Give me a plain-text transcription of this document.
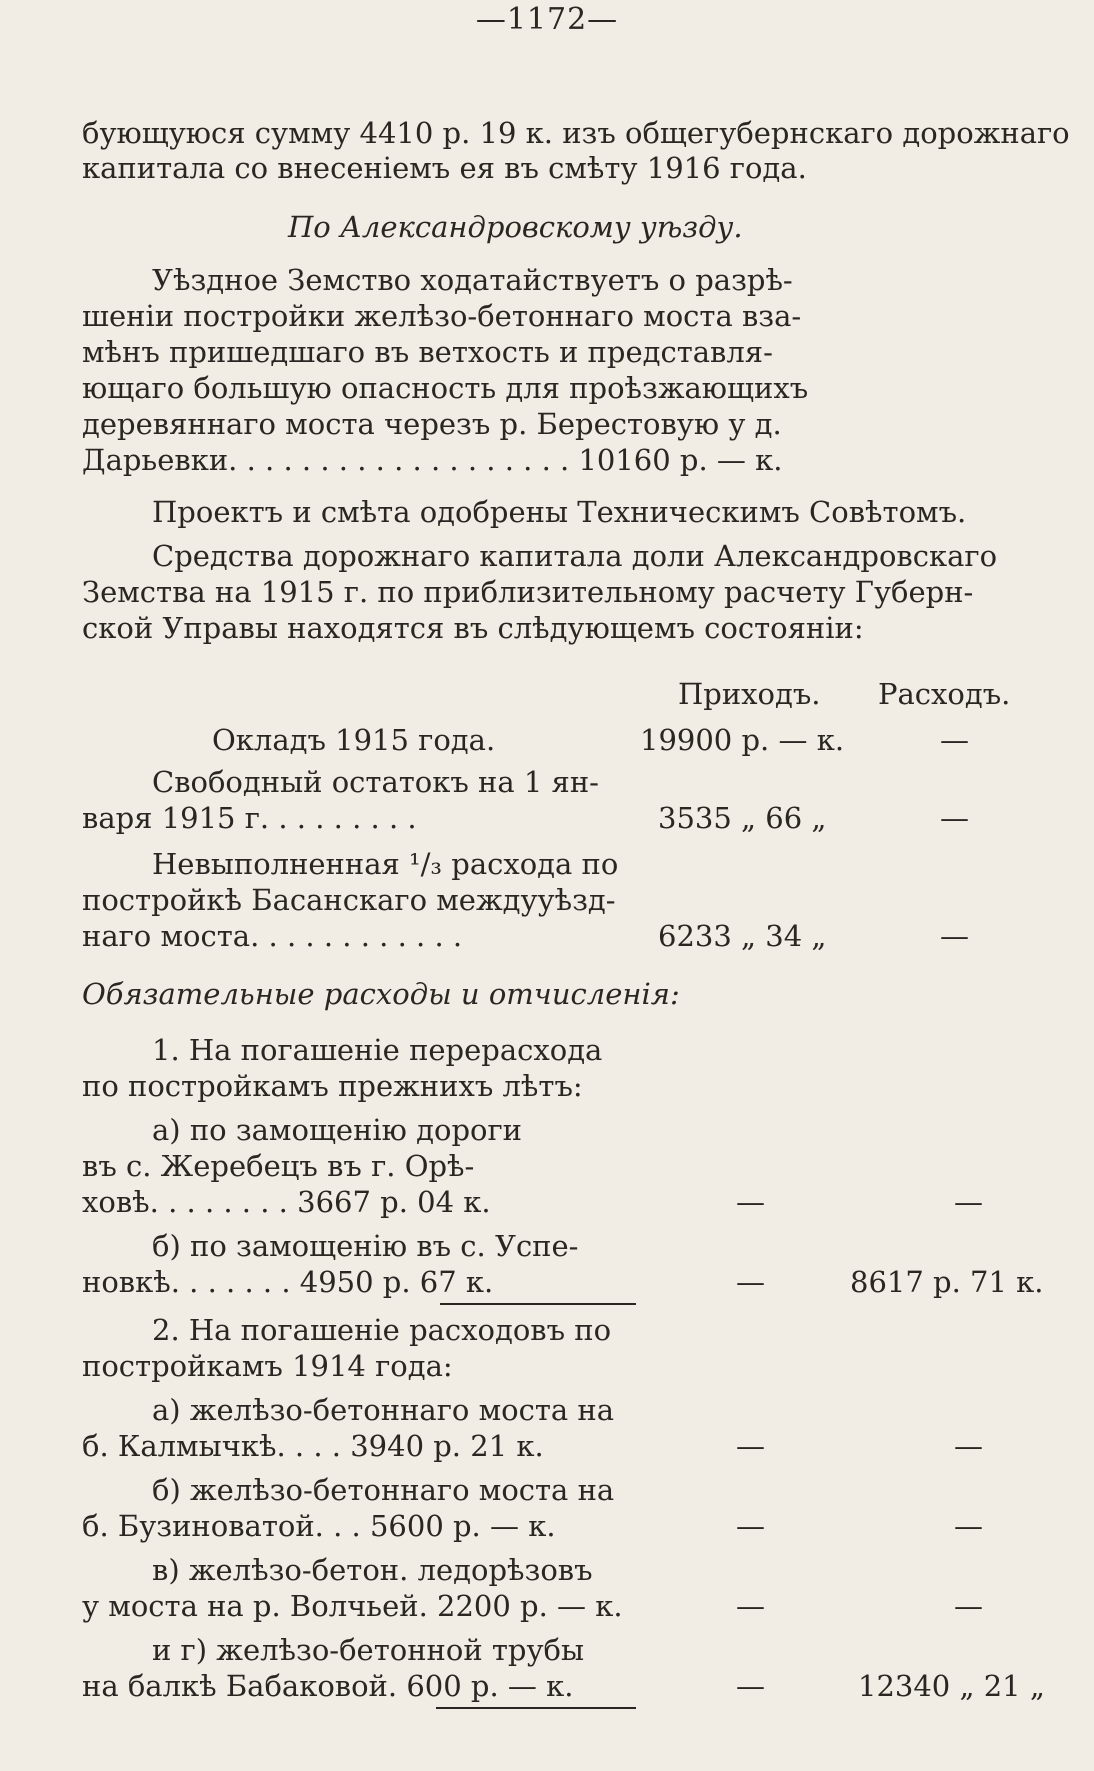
—1172—
бующуюся сумму 4410 р. 19 к. изъ общегубернскаго дорожнаго
капитала со внесеніемъ ея въ смѣту 1916 года.
По Александровскому уѣзду.
Уѣздное Земство ходатайствуетъ о разрѣ-
шеніи постройки желѣзо-бетоннаго моста вза-
мѣнъ пришедшаго въ ветхость и представля-
ющаго большую опасность для проѣзжающихъ
деревяннаго моста черезъ р. Берестовую у д.
Дарьевки. . . . . . . . . . . . . . . . . . . 10160 р. — к.
Проектъ и смѣта одобрены Техническимъ Совѣтомъ.
Средства дорожнаго капитала доли Александровскаго
Земства на 1915 г. по приблизительному расчету Губерн-
ской Управы находятся въ слѣдующемъ состояніи:
Приходъ. Расходъ.
Окладъ 1915 года.	19900 р. — к.	—
Свободный остатокъ на 1 ян-
варя 1915 г. . . . . . . . .	3535 „ 66 „	—
Невыполненная ¹/₃ расхода по
постройкѣ Басанскаго междууѣзд-
наго моста. . . . . . . . . . . .	6233 „ 34 „	—
Обязательные расходы и отчисленія:
1. На погашеніе перерасхода
по постройкамъ прежнихъ лѣтъ:
а) по замощенію дороги
въ с. Жеребецъ въ г. Орѣ-
ховѣ. . . . . . . . 3667 р. 04 к.	—	—
б) по замощенію въ с. Успе-
новкѣ. . . . . . . 4950 р. 67 к.	—	8617 р. 71 к.
2. На погашеніе расходовъ по
постройкамъ 1914 года:
а) желѣзо-бетоннаго моста на
б. Калмычкѣ. . . . 3940 р. 21 к.	—	—
б) желѣзо-бетоннаго моста на
б. Бузиноватой. . . 5600 р. — к.	—	—
в) желѣзо-бетон. ледорѣзовъ
у моста на р. Волчьей. 2200 р. — к.	—	—
и г) желѣзо-бетонной трубы
на балкѣ Бабаковой. 600 р. — к.	—	12340 „ 21 „
